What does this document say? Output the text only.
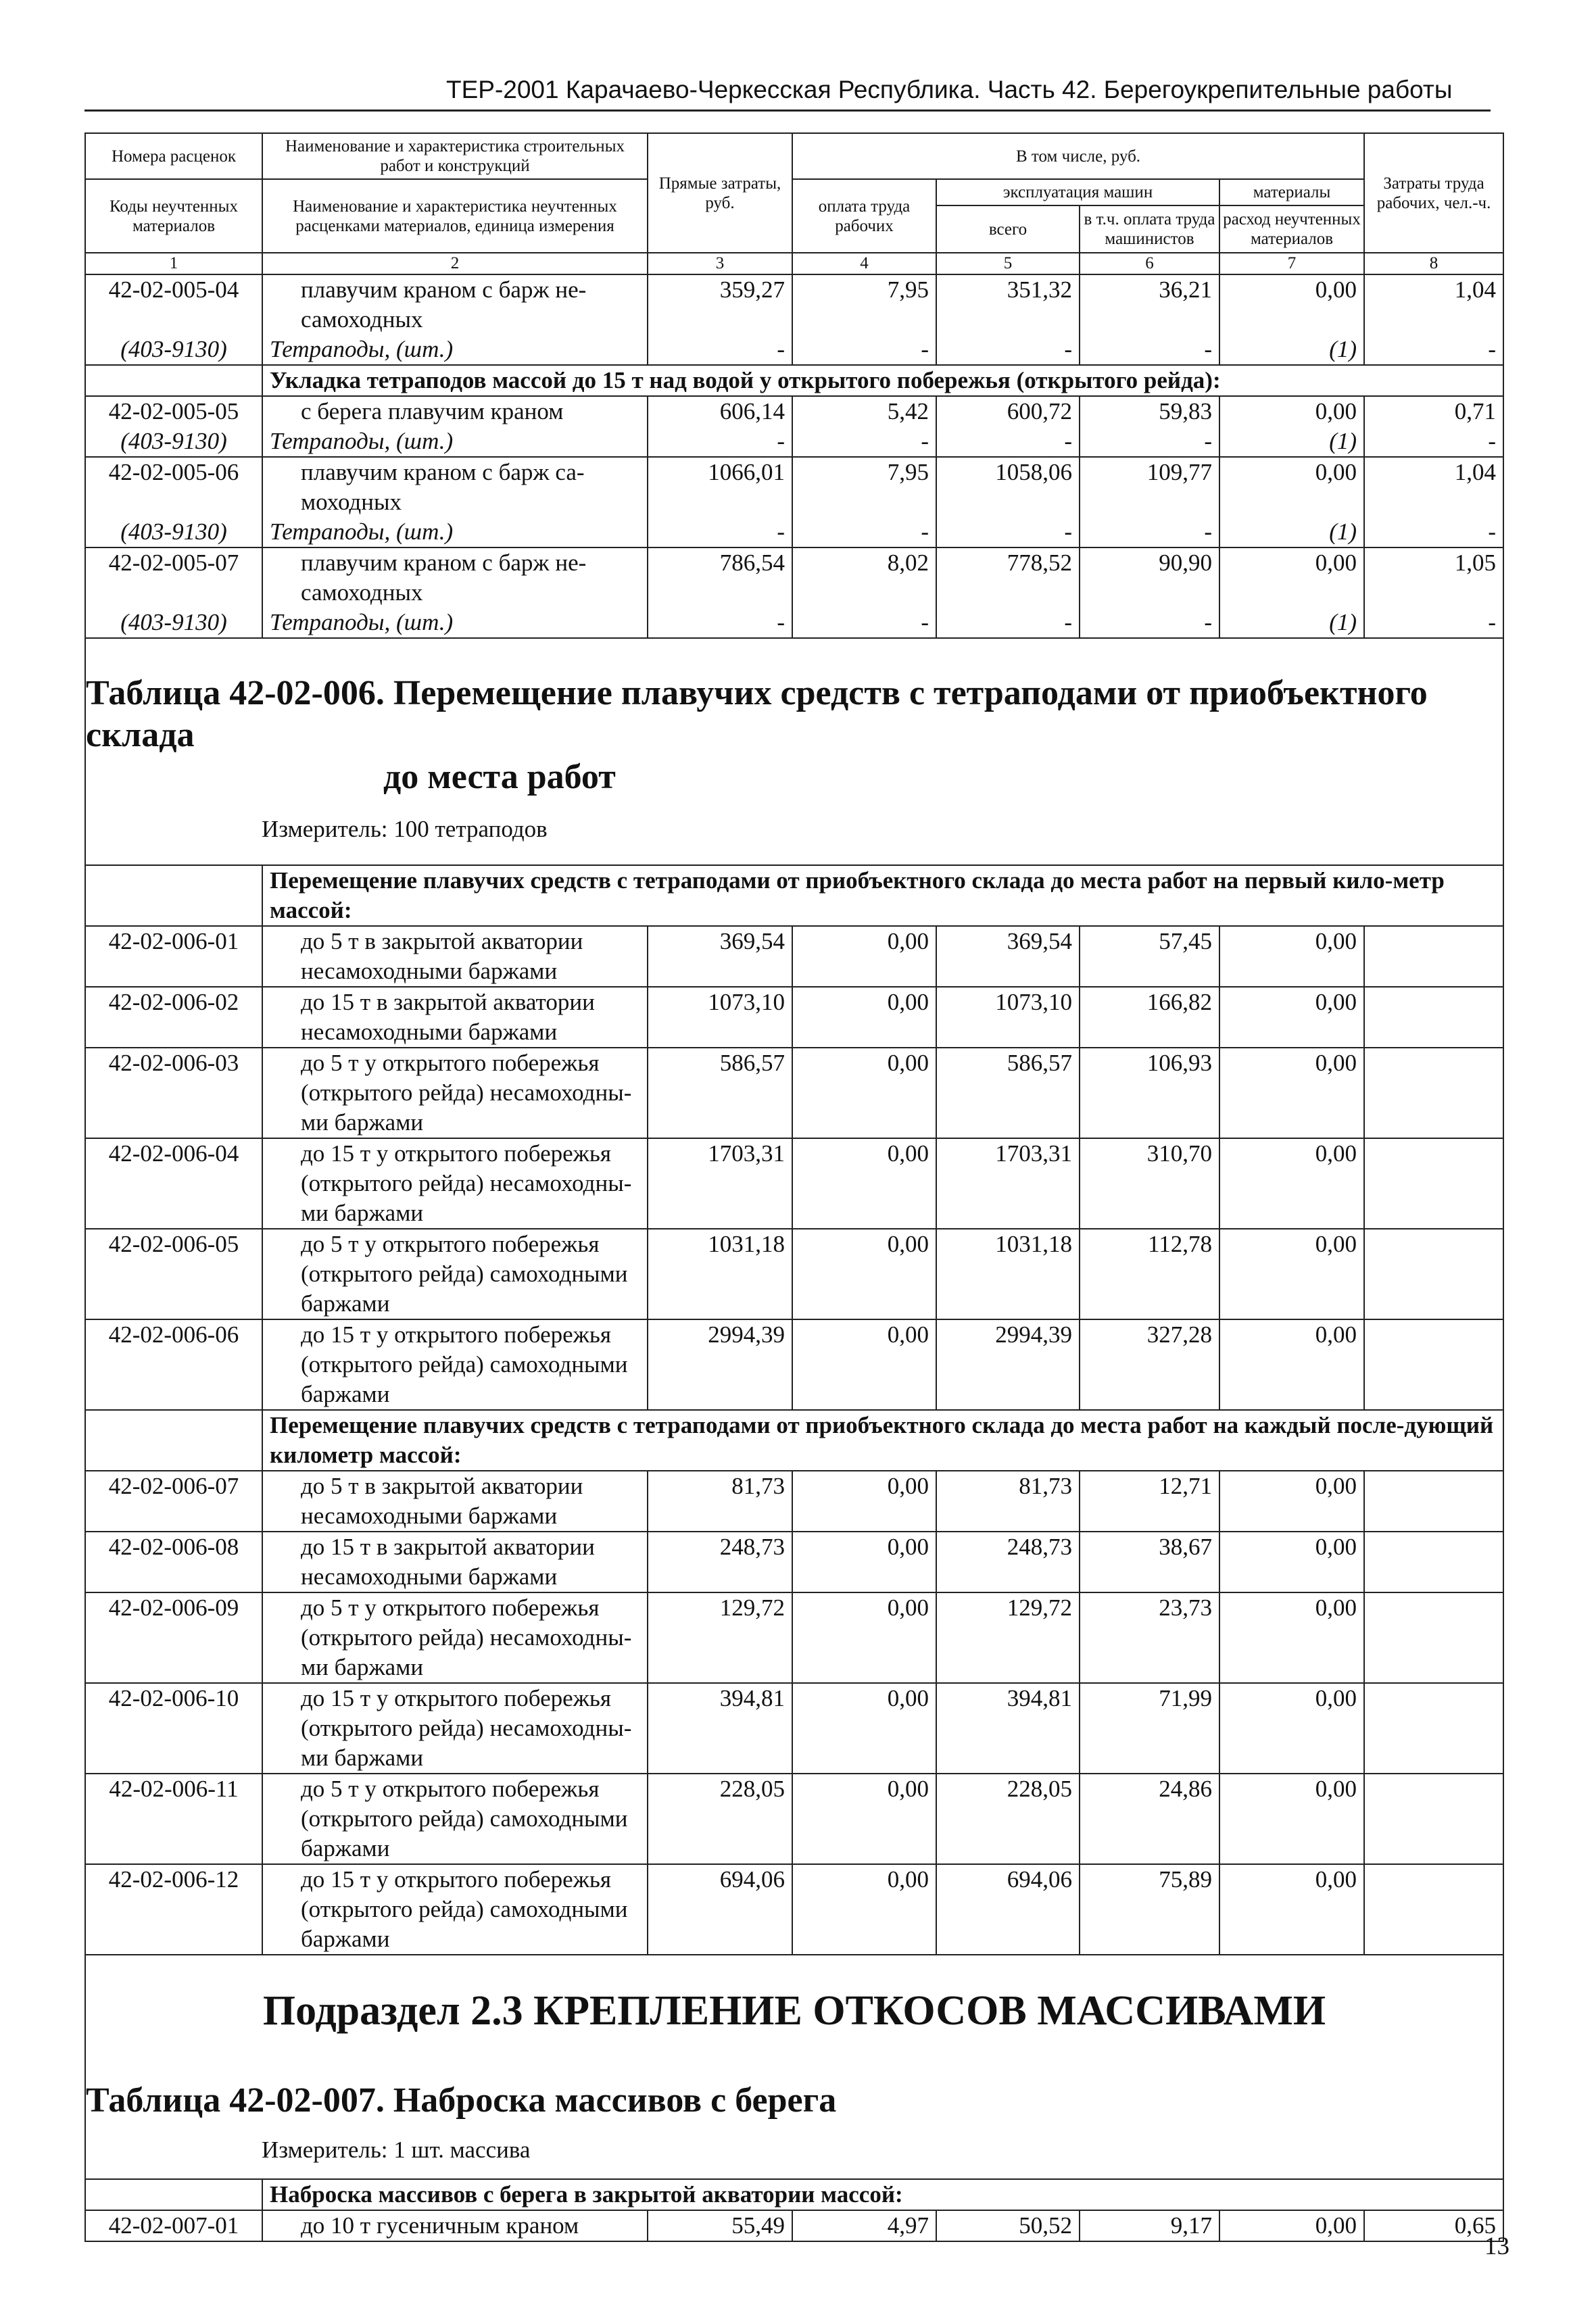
ТЕР-2001 Карачаево-Черкесская Республика. Часть 42. Берегоукрепительные работы
Номера расценок	Наименование и характеристика строительных работ и конструкций	Прямые затраты, руб.	В том числе, руб.				Затраты труда рабочих, чел.-ч.
Коды неучтенных материалов	Наименование и характеристика неучтенных расценками материалов, единица измерения		оплата труда рабочих	эксплуатация машин		материалы	
				всего	в т.ч. оплата труда машинистов	расход неучтенных материалов	

1	2	3	4	5	6	7	8
42-02-005-04	плавучим краном с барж не-самоходных	359,27	7,95	351,32	36,21	0,00	1,04
(403-9130)	Тетраподы, (шт.)	-	-	-	-	(1)	-
	Укладка тетраподов массой до 15 т над водой у открытого побережья (открытого рейда):						
42-02-005-05	с берега плавучим краном	606,14	5,42	600,72	59,83	0,00	0,71
(403-9130)	Тетраподы, (шт.)	-	-	-	-	(1)	-
42-02-005-06	плавучим краном с барж са-моходных	1066,01	7,95	1058,06	109,77	0,00	1,04
(403-9130)	Тетраподы, (шт.)	-	-	-	-	(1)	-
42-02-005-07	плавучим краном с барж не-самоходных	786,54	8,02	778,52	90,90	0,00	1,05
(403-9130)	Тетраподы, (шт.)	-	-	-	-	(1)	-

Таблица 42-02-006. Перемещение плавучих средств с тетраподами от приобъектного склада
до места работ
Измеритель: 100 тетраподов							

	Перемещение плавучих средств с тетраподами от приобъектного склада до места работ на первый кило-метр массой:						
42-02-006-01	до 5 т в закрытой акватории несамоходными баржами	369,54	0,00	369,54	57,45	0,00	
42-02-006-02	до 15 т в закрытой акватории несамоходными баржами	1073,10	0,00	1073,10	166,82	0,00	
42-02-006-03	до 5 т у открытого побережья (открытого рейда) несамоходны-ми баржами	586,57	0,00	586,57	106,93	0,00	
42-02-006-04	до 15 т у открытого побережья (открытого рейда) несамоходны-ми баржами	1703,31	0,00	1703,31	310,70	0,00	
42-02-006-05	до 5 т у открытого побережья (открытого рейда) самоходными баржами	1031,18	0,00	1031,18	112,78	0,00	
42-02-006-06	до 15 т у открытого побережья (открытого рейда) самоходными баржами	2994,39	0,00	2994,39	327,28	0,00	
	Перемещение плавучих средств с тетраподами от приобъектного склада до места работ на каждый после-дующий километр массой:						
42-02-006-07	до 5 т в закрытой акватории несамоходными баржами	81,73	0,00	81,73	12,71	0,00	
42-02-006-08	до 15 т в закрытой акватории несамоходными баржами	248,73	0,00	248,73	38,67	0,00	
42-02-006-09	до 5 т у открытого побережья (открытого рейда) несамоходны-ми баржами	129,72	0,00	129,72	23,73	0,00	
42-02-006-10	до 15 т у открытого побережья (открытого рейда) несамоходны-ми баржами	394,81	0,00	394,81	71,99	0,00	
42-02-006-11	до 5 т у открытого побережья (открытого рейда) самоходными баржами	228,05	0,00	228,05	24,86	0,00	
42-02-006-12	до 15 т у открытого побережья (открытого рейда) самоходными баржами	694,06	0,00	694,06	75,89	0,00	

Подраздел 2.3 КРЕПЛЕНИЕ ОТКОСОВ МАССИВАМИ
Таблица 42-02-007. Наброска массивов с берега
Измеритель: 1 шт. массива							

	Наброска массивов с берега в закрытой акватории массой:						
42-02-007-01	до 10 т гусеничным краном	55,49	4,97	50,52	9,17	0,00	0,65
13
